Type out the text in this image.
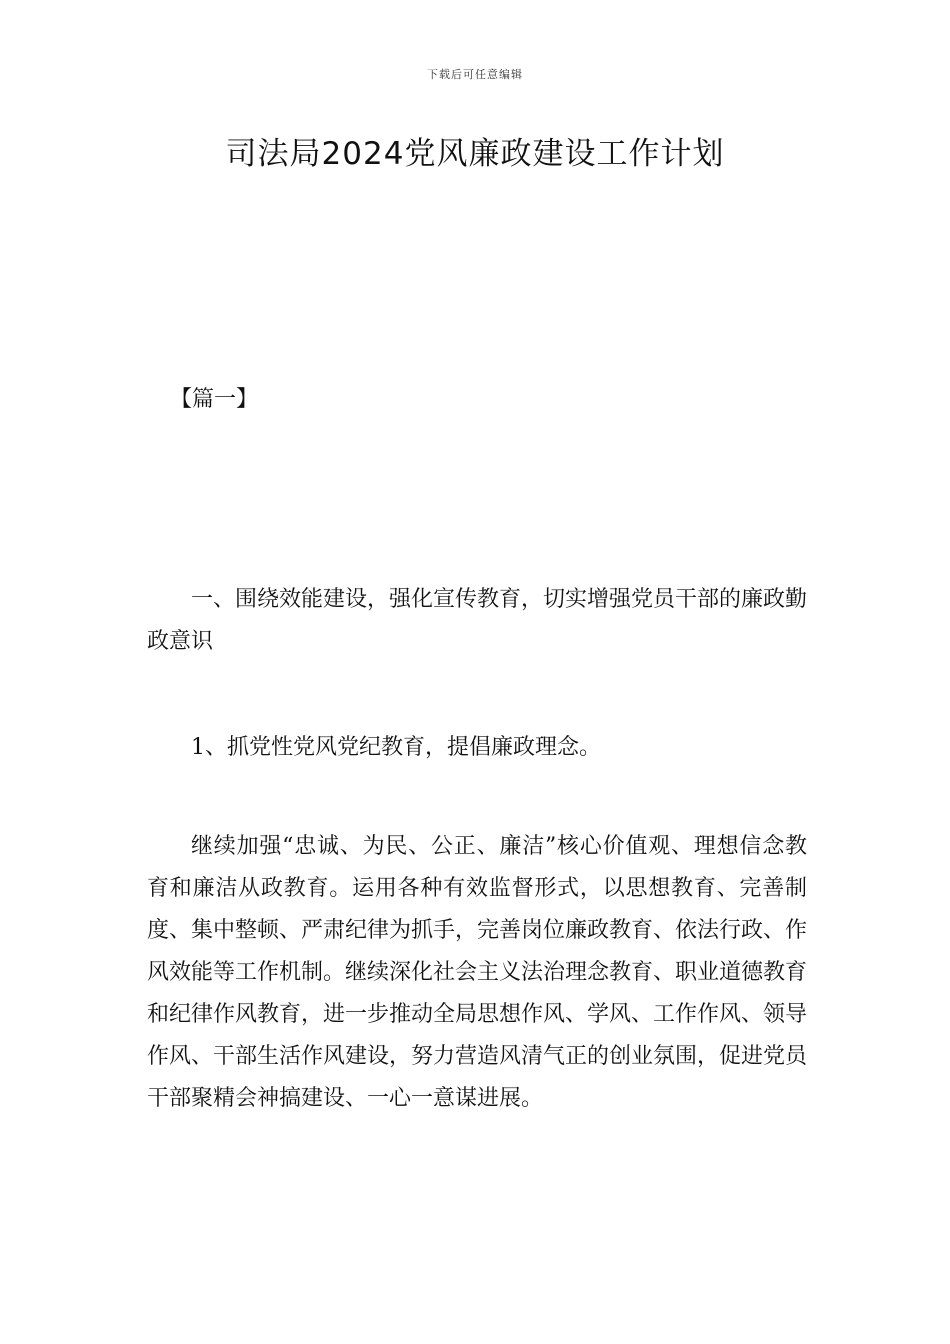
下载后可任意编辑
司法局2024党风廉政建设工作计划
【篇一】

一、围绕效能建设，强化宣传教育，切实增强党员干部的廉政勤政意识

1、抓党性党风党纪教育，提倡廉政理念。

继续加强“忠诚、为民、公正、廉洁”核心价值观、理想信念教育和廉洁从政教育。运用各种有效监督形式，以思想教育、完善制度、集中整顿、严肃纪律为抓手，完善岗位廉政教育、依法行政、作风效能等工作机制。继续深化社会主义法治理念教育、职业道德教育和纪律作风教育，进一步推动全局思想作风、学风、工作作风、领导作风、干部生活作风建设，努力营造风清气正的创业氛围，促进党员干部聚精会神搞建设、一心一意谋进展。
